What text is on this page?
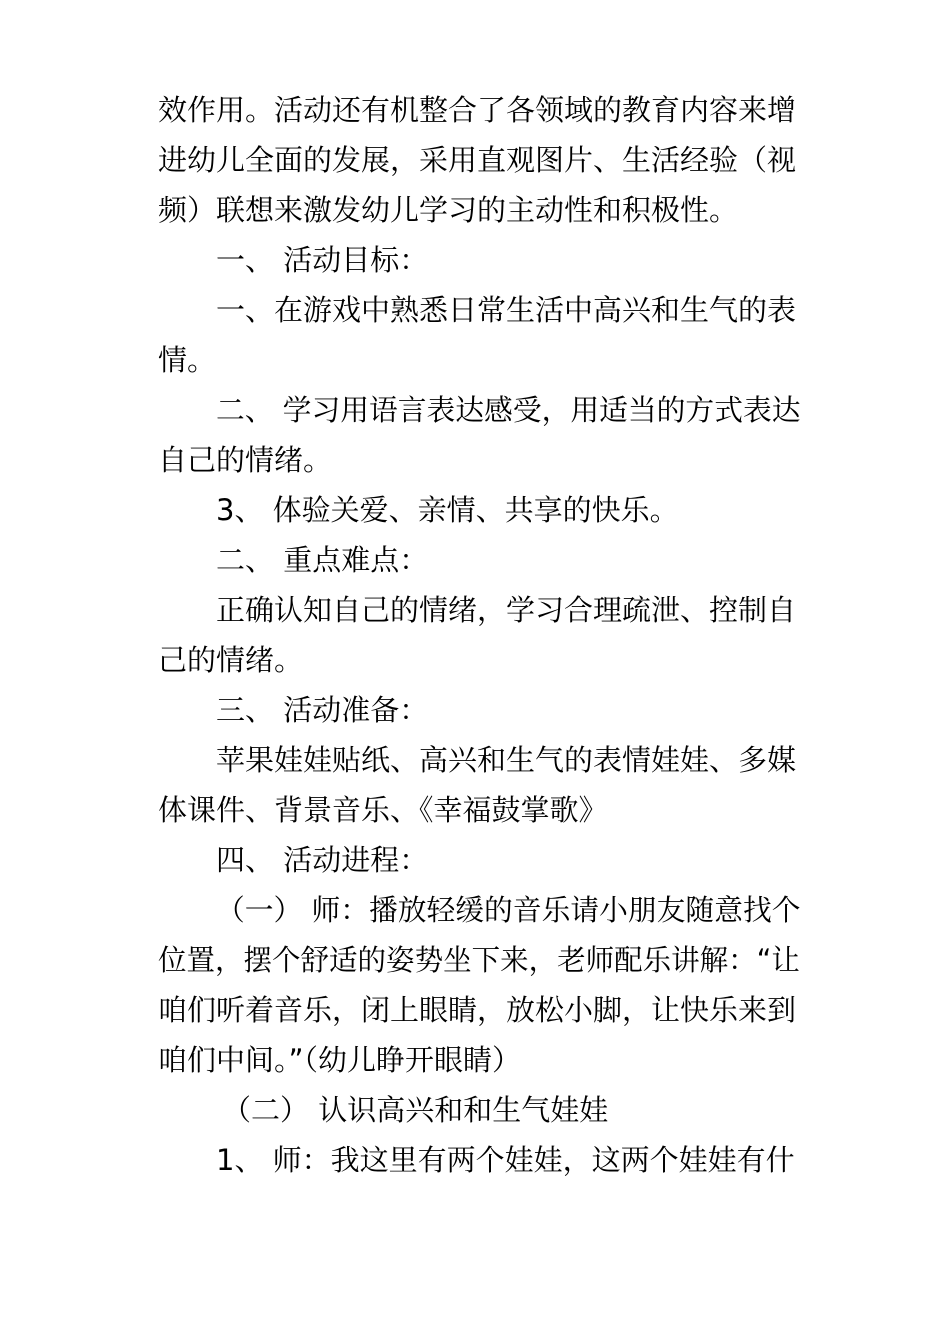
效作用。活动还有机整合了各领域的教育内容来增
进幼儿全面的发展，采用直观图片、生活经验（视
频）联想来激发幼儿学习的主动性和积极性。
一、 活动目标：
一、在游戏中熟悉日常生活中高兴和生气的表
情。
二、 学习用语言表达感受，用适当的方式表达
自己的情绪。
3、 体验关爱、亲情、共享的快乐。
二、 重点难点：
正确认知自己的情绪，学习合理疏泄、控制自
己的情绪。
三、 活动准备：
苹果娃娃贴纸、高兴和生气的表情娃娃、多媒
体课件、背景音乐、《幸福鼓掌歌》
四、 活动进程：
（一） 师：播放轻缓的音乐请小朋友随意找个
位置，摆个舒适的姿势坐下来，老师配乐讲解：“让
咱们听着音乐，闭上眼睛，放松小脚，让快乐来到
咱们中间。”（幼儿睁开眼睛）
（二） 认识高兴和和生气娃娃
1、 师：我这里有两个娃娃，这两个娃娃有什
